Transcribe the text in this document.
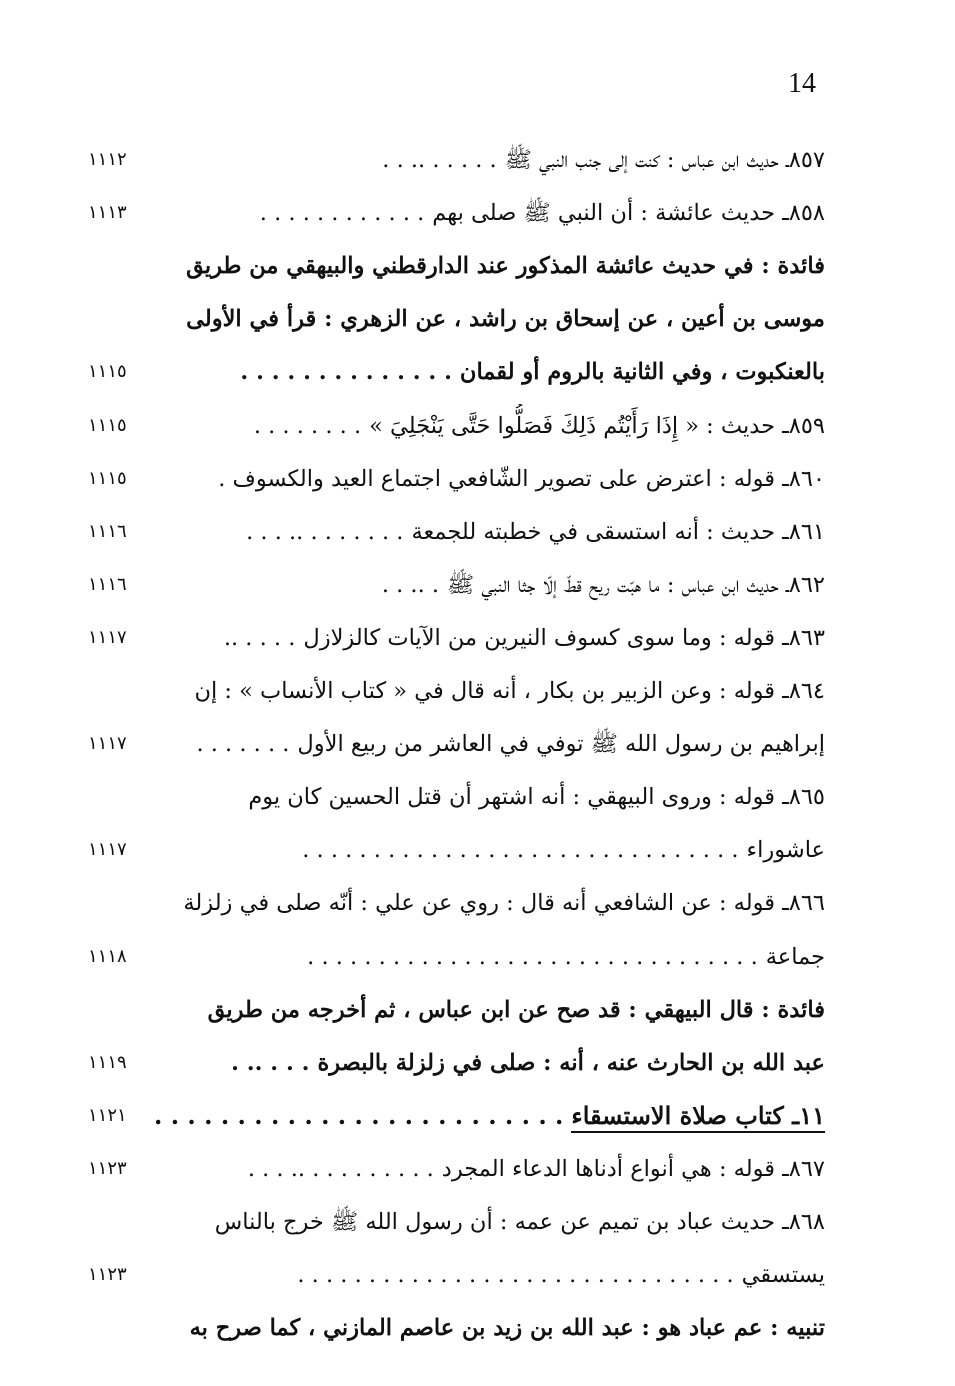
14
٨٥٧ـ حديث ابن عباس : كنت إلى جنب النبي ﷺ. . . . . .. . .
١١١٢
٨٥٨ـ حديث عائشة : أن النبي ﷺ صلى بهم. . . . . . . . . . . .
١١١٣
فائدة : في حديث عائشة المذكور عند الدارقطني والبيهقي من طريق
موسى بن أعين ، عن إسحاق بن راشد ، عن الزهري : قرأ في الأولى
بالعنكبوت ، وفي الثانية بالروم أو لقمان. . . . . . . . . . . . . .
١١١٥
٨٥٩ـ حديث : « إِذَا رَأَيْتُم ذَلِكَ فَصَلُّوا حَتَّى يَنْجَلِيَ ». . . . . . . .
١١١٥
٨٦٠ـ قوله : اعترض على تصوير الشّافعي اجتماع العيد والكسوف .
١١١٥
٨٦١ـ حديث : أنه استسقى في خطبته للجمعة. . . . . . . .. . . .
١١١٦
٨٦٢ـ حديث ابن عباس : ما هبّت ريح قطّ إلّا جثا النبي ﷺ. .. . .
١١١٦
٨٦٣ـ قوله : وما سوى كسوف النيرين من الآيات كالزلازل. . . . ..
١١١٧
٨٦٤ـ قوله : وعن الزبير بن بكار ، أنه قال في « كتاب الأنساب » : إن
إبراهيم بن رسول الله ﷺ توفي في العاشر من ربيع الأول. . . . . . .
١١١٧
٨٦٥ـ قوله : وروى البيهقي : أنه اشتهر أن قتل الحسين كان يوم
عاشوراء. . . . . . . . . . . . . . . . . . . . . . . . . . . . . . .
١١١٧
٨٦٦ـ قوله : عن الشافعي أنه قال : روي عن علي : أنّه صلى في زلزلة
جماعة. . . . . . . . . . . . . . . . . . . . . . . . . . . . . . . .
١١١٨
فائدة : قال البيهقي : قد صح عن ابن عباس ، ثم أخرجه من طريق
عبد الله بن الحارث عنه ، أنه : صلى في زلزلة بالبصرة. . . .. .
١١١٩
١١ـ كتاب صلاة الاستسقاء. . . . . . . . . . . . . . . . . . . . . . . . .
١١٢١
٨٦٧ـ قوله : هي أنواع أدناها الدعاء المجرد. . . . . . . . . .. . . .
١١٢٣
٨٦٨ـ حديث عباد بن تميم عن عمه : أن رسول الله ﷺ خرج بالناس
يستسقي. . . . . . . . . . . . . . . . . . . . . . . . . . . . . . .
١١٢٣
تنبيه : عم عباد هو : عبد الله بن زيد بن عاصم المازني ، كما صرح به
